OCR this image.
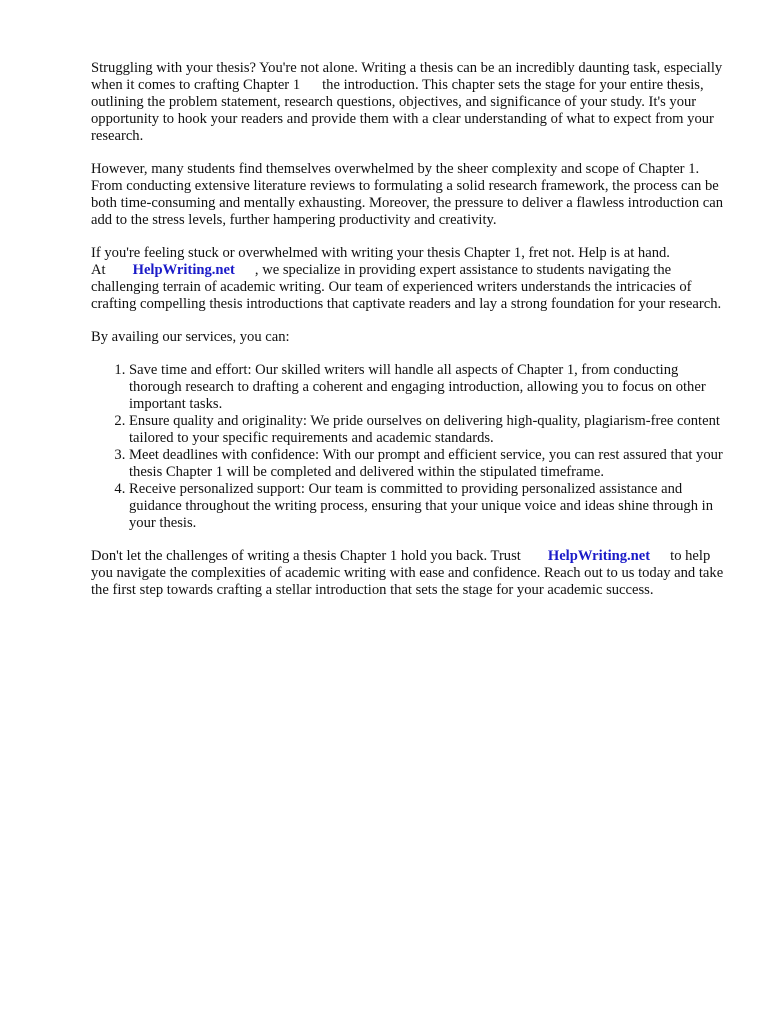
Struggling with your thesis? You're not alone. Writing a thesis can be an incredibly daunting task, especially when it comes to crafting Chapter 1 the introduction. This chapter sets the stage for your entire thesis, outlining the problem statement, research questions, objectives, and significance of your study. It's your opportunity to hook your readers and provide them with a clear understanding of what to expect from your research.

However, many students find themselves overwhelmed by the sheer complexity and scope of Chapter 1. From conducting extensive literature reviews to formulating a solid research framework, the process can be both time-consuming and mentally exhausting. Moreover, the pressure to deliver a flawless introduction can add to the stress levels, further hampering productivity and creativity.

If you're feeling stuck or overwhelmed with writing your thesis Chapter 1, fret not. Help is at hand. At HelpWriting.net , we specialize in providing expert assistance to students navigating the challenging terrain of academic writing. Our team of experienced writers understands the intricacies of crafting compelling thesis introductions that captivate readers and lay a strong foundation for your research.

By availing our services, you can:

1. Save time and effort: Our skilled writers will handle all aspects of Chapter 1, from conducting thorough research to drafting a coherent and engaging introduction, allowing you to focus on other important tasks.
2. Ensure quality and originality: We pride ourselves on delivering high-quality, plagiarism-free content tailored to your specific requirements and academic standards.
3. Meet deadlines with confidence: With our prompt and efficient service, you can rest assured that your thesis Chapter 1 will be completed and delivered within the stipulated timeframe.
4. Receive personalized support: Our team is committed to providing personalized assistance and guidance throughout the writing process, ensuring that your unique voice and ideas shine through in your thesis.

Don't let the challenges of writing a thesis Chapter 1 hold you back. Trust HelpWriting.net to help you navigate the complexities of academic writing with ease and confidence. Reach out to us today and take the first step towards crafting a stellar introduction that sets the stage for your academic success.
